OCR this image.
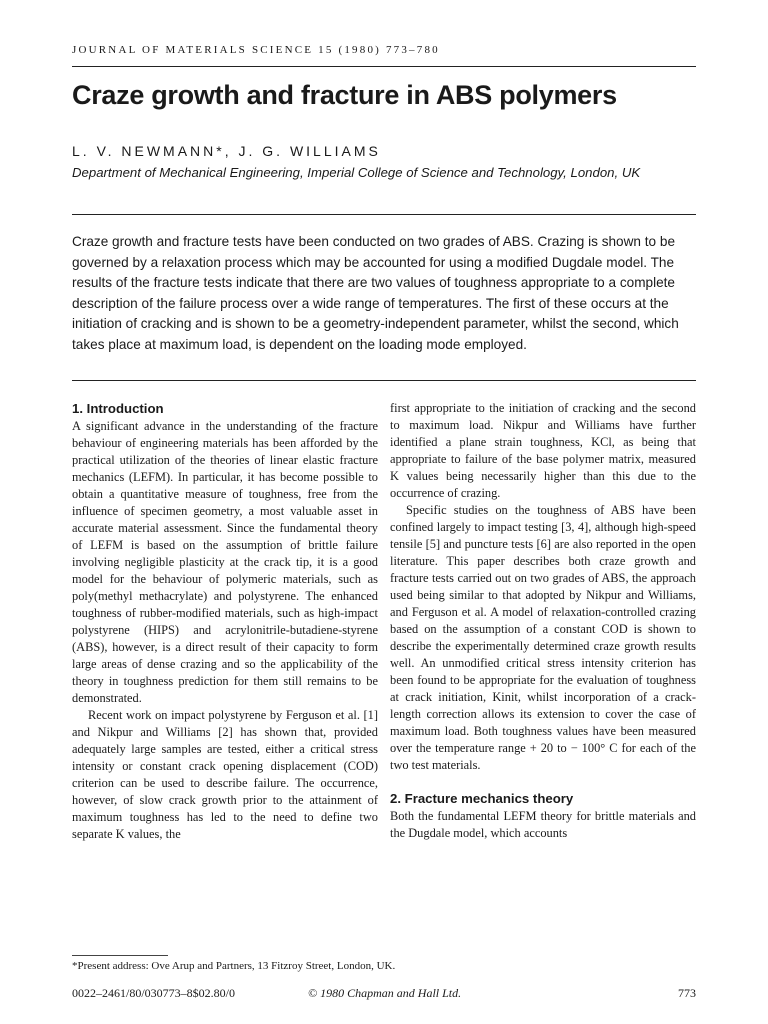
JOURNAL OF MATERIALS SCIENCE 15 (1980) 773–780
Craze growth and fracture in ABS polymers
L. V. NEWMANN*, J. G. WILLIAMS
Department of Mechanical Engineering, Imperial College of Science and Technology, London, UK

Craze growth and fracture tests have been conducted on two grades of ABS. Crazing is shown to be governed by a relaxation process which may be accounted for using a modified Dugdale model. The results of the fracture tests indicate that there are two values of toughness appropriate to a complete description of the failure process over a wide range of temperatures. The first of these occurs at the initiation of cracking and is shown to be a geometry-independent parameter, whilst the second, which takes place at maximum load, is dependent on the loading mode employed.

1. Introduction

A significant advance in the understanding of the fracture behaviour of engineering materials has been afforded by the practical utilization of the theories of linear elastic fracture mechanics (LEFM). In particular, it has become possible to obtain a quantitative measure of toughness, free from the influence of specimen geometry, a most valuable asset in accurate material assessment. Since the fundamental theory of LEFM is based on the assumption of brittle failure involving negligible plasticity at the crack tip, it is a good model for the behaviour of polymeric materials, such as poly(methyl methacrylate) and polystyrene. The enhanced toughness of rubber-modified materials, such as high-impact polystyrene (HIPS) and acrylonitrile-butadiene-styrene (ABS), however, is a direct result of their capacity to form large areas of dense crazing and so the applicability of the theory in toughness prediction for them still remains to be demonstrated.

Recent work on impact polystyrene by Ferguson et al. [1] and Nikpur and Williams [2] has shown that, provided adequately large samples are tested, either a critical stress intensity or constant crack opening displacement (COD) criterion can be used to describe failure. The occurrence, however, of slow crack growth prior to the attainment of maximum toughness has led to the need to define two separate K values, the

first appropriate to the initiation of cracking and the second to maximum load. Nikpur and Williams have further identified a plane strain toughness, KCl, as being that appropriate to failure of the base polymer matrix, measured K values being necessarily higher than this due to the occurrence of crazing.

Specific studies on the toughness of ABS have been confined largely to impact testing [3, 4], although high-speed tensile [5] and puncture tests [6] are also reported in the open literature. This paper describes both craze growth and fracture tests carried out on two grades of ABS, the approach used being similar to that adopted by Nikpur and Williams, and Ferguson et al. A model of relaxation-controlled crazing based on the assumption of a constant COD is shown to describe the experimentally determined craze growth results well. An unmodified critical stress intensity criterion has been found to be appropriate for the evaluation of toughness at crack initiation, Kinit, whilst incorporation of a crack-length correction allows its extension to cover the case of maximum load. Both toughness values have been measured over the temperature range + 20 to − 100° C for each of the two test materials.

2. Fracture mechanics theory

Both the fundamental LEFM theory for brittle materials and the Dugdale model, which accounts

*Present address: Ove Arup and Partners, 13 Fitzroy Street, London, UK.
0022–2461/80/030773–8$02.80/0	© 1980 Chapman and Hall Ltd.	773
